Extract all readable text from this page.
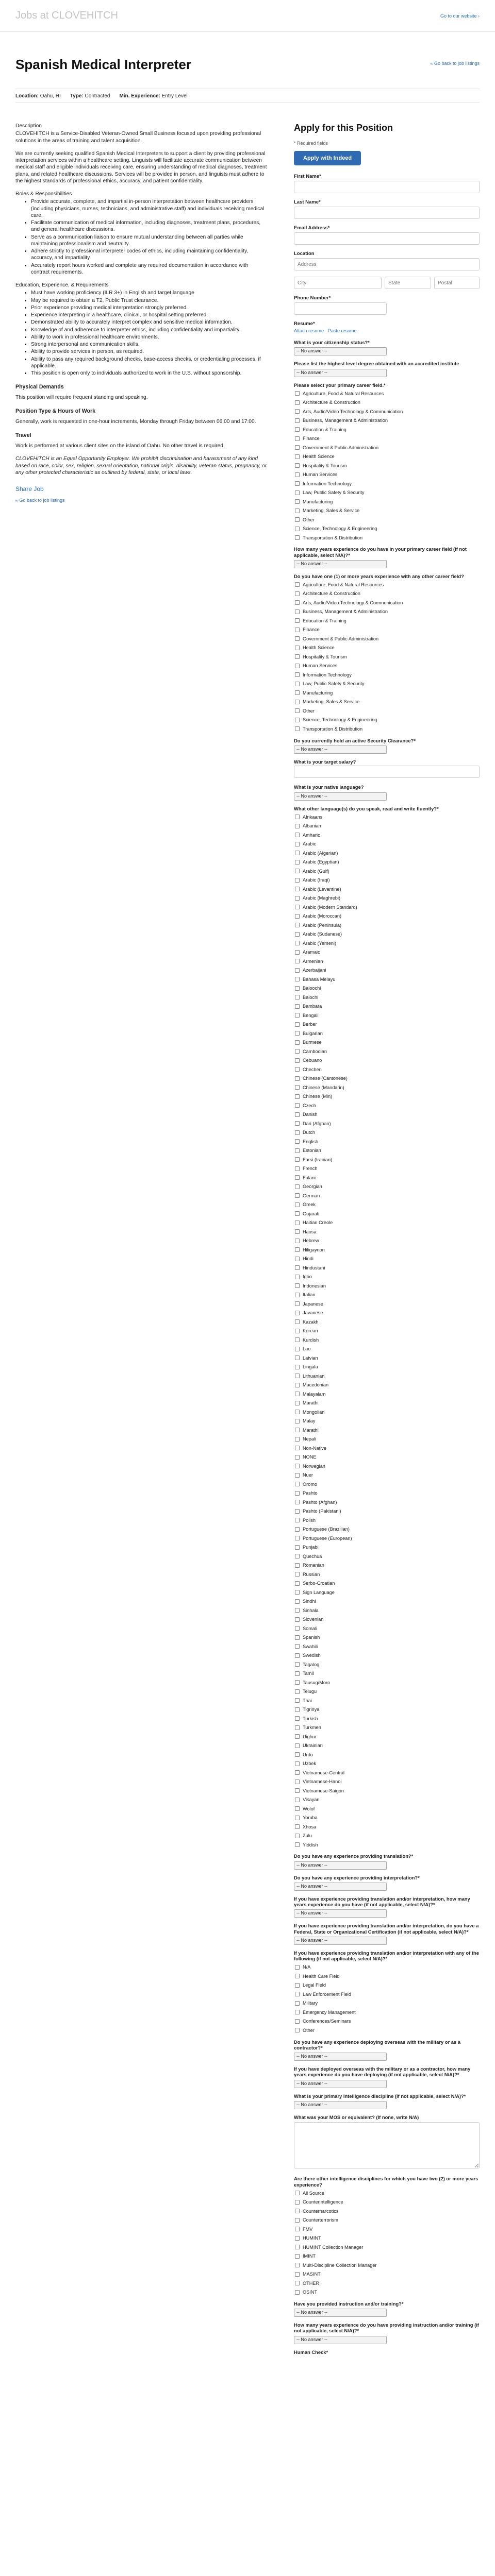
Jobs at CLOVEHITCH	Go to our website ›
Spanish Medical Interpreter	« Go back to job listings
Location: Oahu, HI Type: Contracted Min. Experience: Entry Level

Description

CLOVEHITCH is a Service-Disabled Veteran-Owned Small Business focused upon providing professional solutions in the areas of training and talent acquisition.

We are currently seeking qualified Spanish Medical Interpreters to support a client by providing professional interpretation services within a healthcare setting. Linguists will facilitate accurate communication between medical staff and eligible individuals receiving care, ensuring understanding of medical diagnoses, treatment plans, and related healthcare discussions. Services will be provided in person, and linguists must adhere to the highest standards of professional ethics, accuracy, and patient confidentiality.

Roles & Responsibilities

• Provide accurate, complete, and impartial in-person interpretation between healthcare providers (including physicians, nurses, technicians, and administrative staff) and individuals receiving medical care.
• Facilitate communication of medical information, including diagnoses, treatment plans, procedures, and general healthcare discussions.
• Serve as a communication liaison to ensure mutual understanding between all parties while maintaining professionalism and neutrality.
• Adhere strictly to professional interpreter codes of ethics, including maintaining confidentiality, accuracy, and impartiality.
• Accurately report hours worked and complete any required documentation in accordance with contract requirements.

Education, Experience, & Requirements

• Must have working proficiency (ILR 3+) in English and target language
• May be required to obtain a T2, Public Trust clearance.
• Prior experience providing medical interpretation strongly preferred.
• Experience interpreting in a healthcare, clinical, or hospital setting preferred.
• Demonstrated ability to accurately interpret complex and sensitive medical information.
• Knowledge of and adherence to interpreter ethics, including confidentiality and impartiality.
• Ability to work in professional healthcare environments.
• Strong interpersonal and communication skills.
• Ability to provide services in person, as required.
• Ability to pass any required background checks, base-access checks, or credentialing processes, if applicable.
• This position is open only to individuals authorized to work in the U.S. without sponsorship.
Physical Demands

This position will require frequent standing and speaking.

Position Type & Hours of Work

Generally, work is requested in one-hour increments, Monday through Friday between 06:00 and 17:00.

Travel

Work is performed at various client sites on the island of Oahu. No other travel is required.

CLOVEHITCH is an Equal Opportunity Employer. We prohibit discrimination and harassment of any kind based on race, color, sex, religion, sexual orientation, national origin, disability, veteran status, pregnancy, or any other protected characteristic as outlined by federal, state, or local laws.

Share Job
« Go back to job listings
Apply for this Position
* Required fields
Apply with Indeed
First Name*
Last Name*
Email Address*
Location
Address
City
State
Postal
Phone Number*
Resume*
Attach resume · Paste resume
What is your citizenship status?*
-- No answer --
Please list the highest level degree obtained with an accredited institute
-- No answer --
Please select your primary career field.*
Agriculture, Food & Natural Resources
Architecture & Construction
Arts, Audio/Video Technology & Communication
Business, Management & Administration
Education & Training
Finance
Government & Public Administration
Health Science
Hospitality & Tourism
Human Services
Information Technology
Law, Public Safety & Security
Manufacturing
Marketing, Sales & Service
Other
Science, Technology & Engineering
Transportation & Distribution
How many years experience do you have in your primary career field (if not applicable, select N/A)?*
-- No answer --
Do you have one (1) or more years experience with any other career field?
Agriculture, Food & Natural Resources
Architecture & Construction
Arts, Audio/Video Technology & Communication
Business, Management & Administration
Education & Training
Finance
Government & Public Administration
Health Science
Hospitality & Tourism
Human Services
Information Technology
Law, Public Safety & Security
Manufacturing
Marketing, Sales & Service
Other
Science, Technology & Engineering
Transportation & Distribution
Do you currently hold an active Security Clearance?*
-- No answer --
What is your target salary?
What is your native language?
-- No answer --
What other language(s) do you speak, read and write fluently?*
Afrikaans
Albanian
Amharic
Arabic
Arabic (Algerian)
Arabic (Egyptian)
Arabic (Gulf)
Arabic (Iraqi)
Arabic (Levantine)
Arabic (Maghrebi)
Arabic (Modern Standard)
Arabic (Moroccan)
Arabic (Peninsula)
Arabic (Sudanese)
Arabic (Yemeni)
Aramaic
Armenian
Azerbaijani
Bahasa Melayu
Baloochi
Balochi
Bambara
Bengali
Berber
Bulgarian
Burmese
Cambodian
Cebuano
Chechen
Chinese (Cantonese)
Chinese (Mandarin)
Chinese (Min)
Czech
Danish
Dari (Afghan)
Dutch
English
Estonian
Farsi (Iranian)
French
Fulani
Georgian
German
Greek
Gujarati
Haitian Creole
Hausa
Hebrew
Hiligaynon
Hindi
Hindustani
Igbo
Indonesian
Italian
Japanese
Javanese
Kazakh
Korean
Kurdish
Lao
Latvian
Lingala
Lithuanian
Macedonian
Malayalam
Marathi
Mongolian
Malay
Marathi
Nepali
Non-Native
NONE
Norwegian
Nuer
Oromo
Pashto
Pashto (Afghan)
Pashto (Pakistani)
Polish
Portuguese (Brazilian)
Portuguese (European)
Punjabi
Quechua
Romanian
Russian
Serbo-Croatian
Sign Language
Sindhi
Sinhala
Slovenian
Somali
Spanish
Swahili
Swedish
Tagalog
Tamil
Tausug/Moro
Telugu
Thai
Tigrinya
Turkish
Turkmen
Uighur
Ukrainian
Urdu
Uzbek
Vietnamese-Central
Vietnamese-Hanoi
Vietnamese-Saigon
Visayan
Wolof
Yoruba
Xhosa
Zulu
Yiddish
Do you have any experience providing translation?*
-- No answer --
Do you have any experience providing interpretation?*
-- No answer --
If you have experience providing translation and/or interpretation, how many years experience do you have (if not applicable, select N/A)?*
-- No answer --
If you have experience providing translation and/or interpretation, do you have a Federal, State or Organizational Certification (if not applicable, select N/A)?*
-- No answer --
If you have experience providing translation and/or interpretation with any of the following (if not applicable, select N/A)?*
N/A
Health Care Field
Legal Field
Law Enforcement Field
Military
Emergency Management
Conferences/Seminars
Other
Do you have any experience deploying overseas with the military or as a contractor?*
-- No answer --
If you have deployed overseas with the military or as a contractor, how many years experience do you have deploying (if not applicable, select N/A)?*
-- No answer --
What is your primary Intelligence discipline (if not applicable, select N/A)?*
-- No answer --
What was your MOS or equivalent? (If none, write N/A)
Are there other intelligence disciplines for which you have two (2) or more years experience?
All Source
Counterintelligence
Counternarcotics
Counterterrorism
FMV
HUMINT
HUMINT Collection Manager
IMINT
Multi-Discipline Collection Manager
MASINT
OTHER
OSINT
Have you provided instruction and/or training?*
-- No answer --
How many years experience do you have providing instruction and/or training (if not applicable, select N/A)?*
-- No answer --
Human Check*
